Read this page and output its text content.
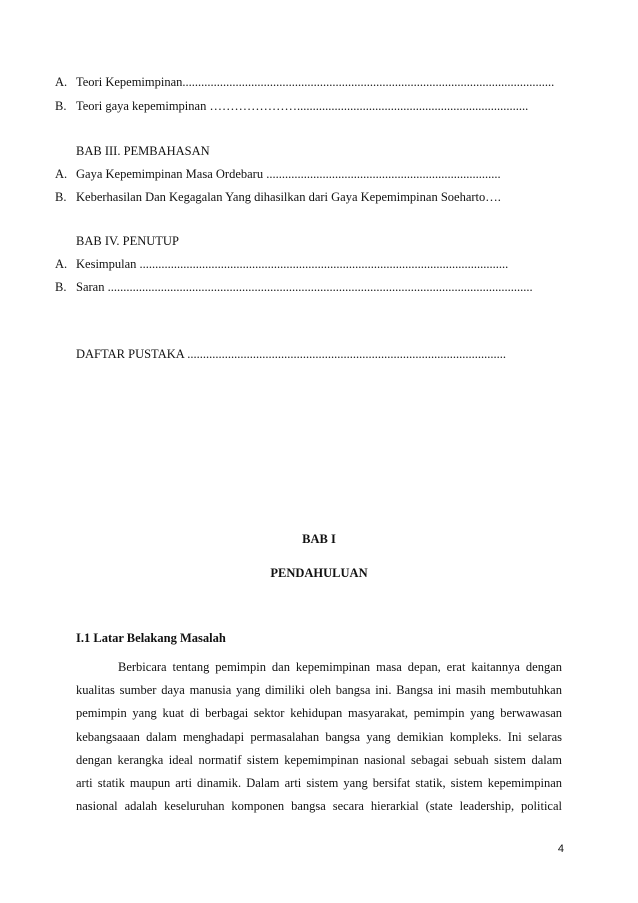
A. Teori Kepemimpinan.......................................................................................................................
B. Teori gaya kepemimpinan …………………..........................................................................
BAB III. PEMBAHASAN
A. Gaya Kepemimpinan Masa Ordebaru ...........................................................................
B. Keberhasilan Dan Kegagalan Yang dihasilkan dari Gaya Kepemimpinan Soeharto….
BAB IV. PENUTUP
A. Kesimpulan ......................................................................................................................
B. Saran ........................................................................................................................................
DAFTAR PUSTAKA ......................................................................................................
BAB I
PENDAHULUAN
I.1 Latar Belakang Masalah
Berbicara tentang pemimpin dan kepemimpinan masa depan, erat kaitannya dengan
kualitas sumber daya manusia yang dimiliki oleh bangsa ini. Bangsa ini masih membutuhkan
pemimpin yang kuat di berbagai sektor kehidupan masyarakat, pemimpin yang berwawasan
kebangsaaan dalam menghadapi permasalahan bangsa yang demikian kompleks. Ini selaras
dengan kerangka ideal normatif sistem kepemimpinan nasional sebagai sebuah sistem dalam
arti statik maupun arti dinamik. Dalam arti sistem yang bersifat statik, sistem kepemimpinan
nasional adalah keseluruhan komponen bangsa secara hierarkial (state leadership, political
4
